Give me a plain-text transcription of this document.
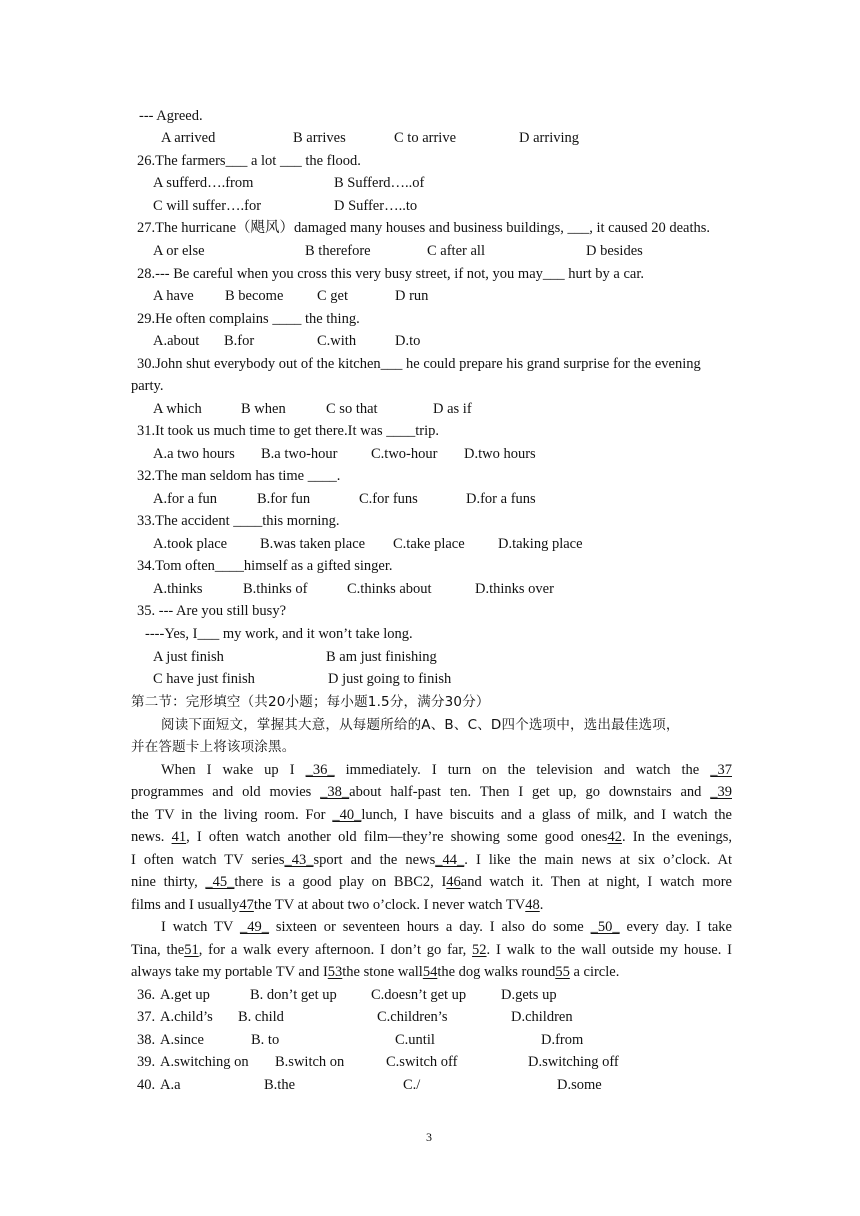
--- Agreed.
A arrived	B arrives	C to arrive	D arriving
26.The farmers___ a lot ___ the flood.
A sufferd….from	B Sufferd…..of
C will suffer….for	D Suffer…..to
27.The hurricane（飓风）damaged many houses and business buildings, ___, it caused 20 deaths.
A or else	B therefore	C after all	D besides
28.--- Be careful when you cross this very busy street, if not, you may___ hurt by a car.
A have B become C get	D run
29.He often complains ____ the thing.
A.about B.for	C.with	D.to
30.John shut everybody out of the kitchen___ he could prepare his grand surprise for the evening
party.
A which	B when	C so that	D as if
31.It took us much time to get there.It was ____trip.
A.a two hours B.a two-hour C.two-hour D.two hours
32.The man seldom has time ____.
A.for a fun	B.for fun	C.for funs	D.for a funs
33.The accident ____this morning.
A.took place B.was taken place C.take place D.taking place
34.Tom often____himself as a gifted singer.
A.thinks	B.thinks of	C.thinks about	D.thinks over
35. --- Are you still busy?
----Yes, I___ my work, and it won’t take long.
A just finish	B am just finishing
C have just finish	D just going to finish
第二节：完形填空（共20小题；每小题1.5分，满分30分）
阅读下面短文，掌握其大意，从每题所给的A、B、C、D四个选项中，选出最佳选项，
并在答题卡上将该项涂黑。
When I wake up I _36_ immediately. I turn on the television and watch the _37
programmes and old movies _38_about half-past ten. Then I get up, go downstairs and _39
the TV in the living room. For _40_lunch, I have biscuits and a glass of milk, and I watch the
news. 41, I often watch another old film—they’re showing some good ones42. In the evenings,
I often watch TV series_43_sport and the news_44_. I like the main news at six o’clock. At
nine thirty, _45_there is a good play on BBC2, I46and watch it. Then at night, I watch more
films and I usually47the TV at about two o’clock. I never watch TV48.
I watch TV _49_ sixteen or seventeen hours a day. I also do some _50_ every day. I take
Tina, the51, for a walk every afternoon. I don’t go far, 52. I walk to the wall outside my house. I
always take my portable TV and I53the stone wall54the dog walks round55 a circle.
36. A.get up	B. don’t get up C.doesn’t get up D.gets up
37. A.child’s B. child	C.children’s	D.children
38. A.since	B. to	C.until	D.from
39. A.switching on B.switch on	C.switch off	D.switching off
40. A.a	B.the	C./	D.some
3
